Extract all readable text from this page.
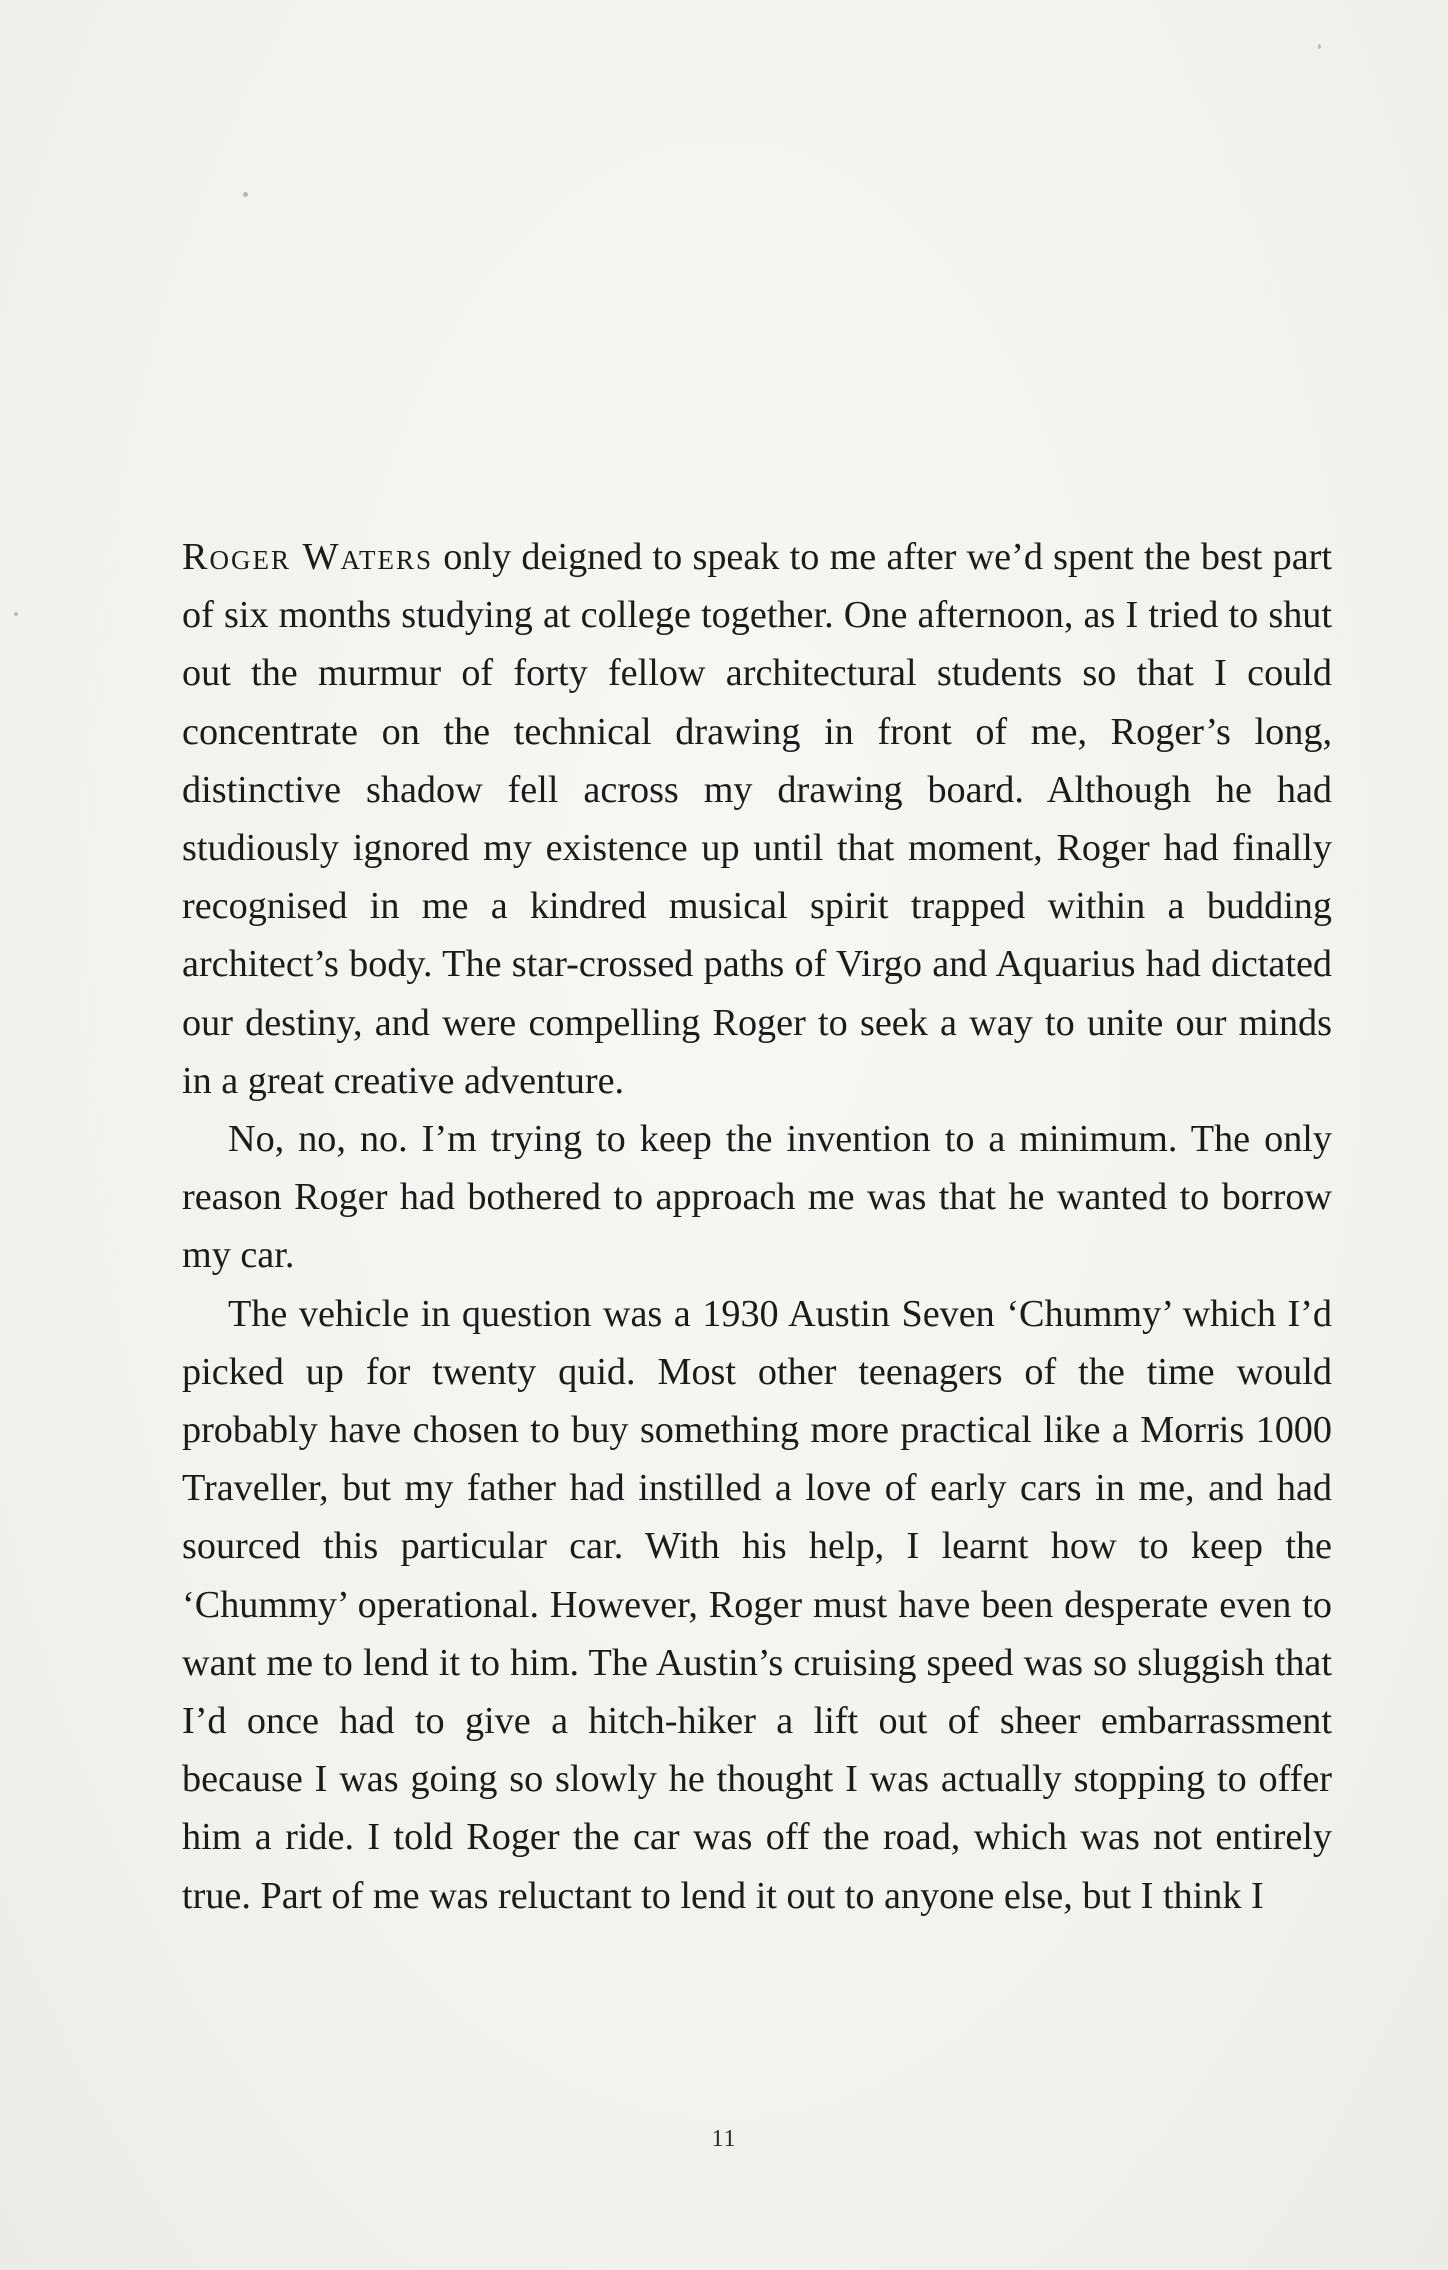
Roger Waters only deigned to speak to me after we’d spent the best part of six months studying at college together. One afternoon, as I tried to shut out the murmur of forty fellow architectural students so that I could concentrate on the technical drawing in front of me, Roger’s long, distinctive shadow fell across my drawing board. Although he had studiously ignored my existence up until that moment, Roger had finally recognised in me a kindred musical spirit trapped within a budding architect’s body. The star-crossed paths of Virgo and Aquarius had dictated our destiny, and were compelling Roger to seek a way to unite our minds in a great creative adventure.

No, no, no. I’m trying to keep the invention to a minimum. The only reason Roger had bothered to approach me was that he wanted to borrow my car.

The vehicle in question was a 1930 Austin Seven ‘Chummy’ which I’d picked up for twenty quid. Most other teenagers of the time would probably have chosen to buy something more practical like a Morris 1000 Traveller, but my father had instilled a love of early cars in me, and had sourced this particular car. With his help, I learnt how to keep the ‘Chummy’ operational. However, Roger must have been desperate even to want me to lend it to him. The Austin’s cruising speed was so sluggish that I’d once had to give a hitch-hiker a lift out of sheer embarrassment because I was going so slowly he thought I was actually stopping to offer him a ride. I told Roger the car was off the road, which was not entirely true. Part of me was reluctant to lend it out to anyone else, but I think I

11
